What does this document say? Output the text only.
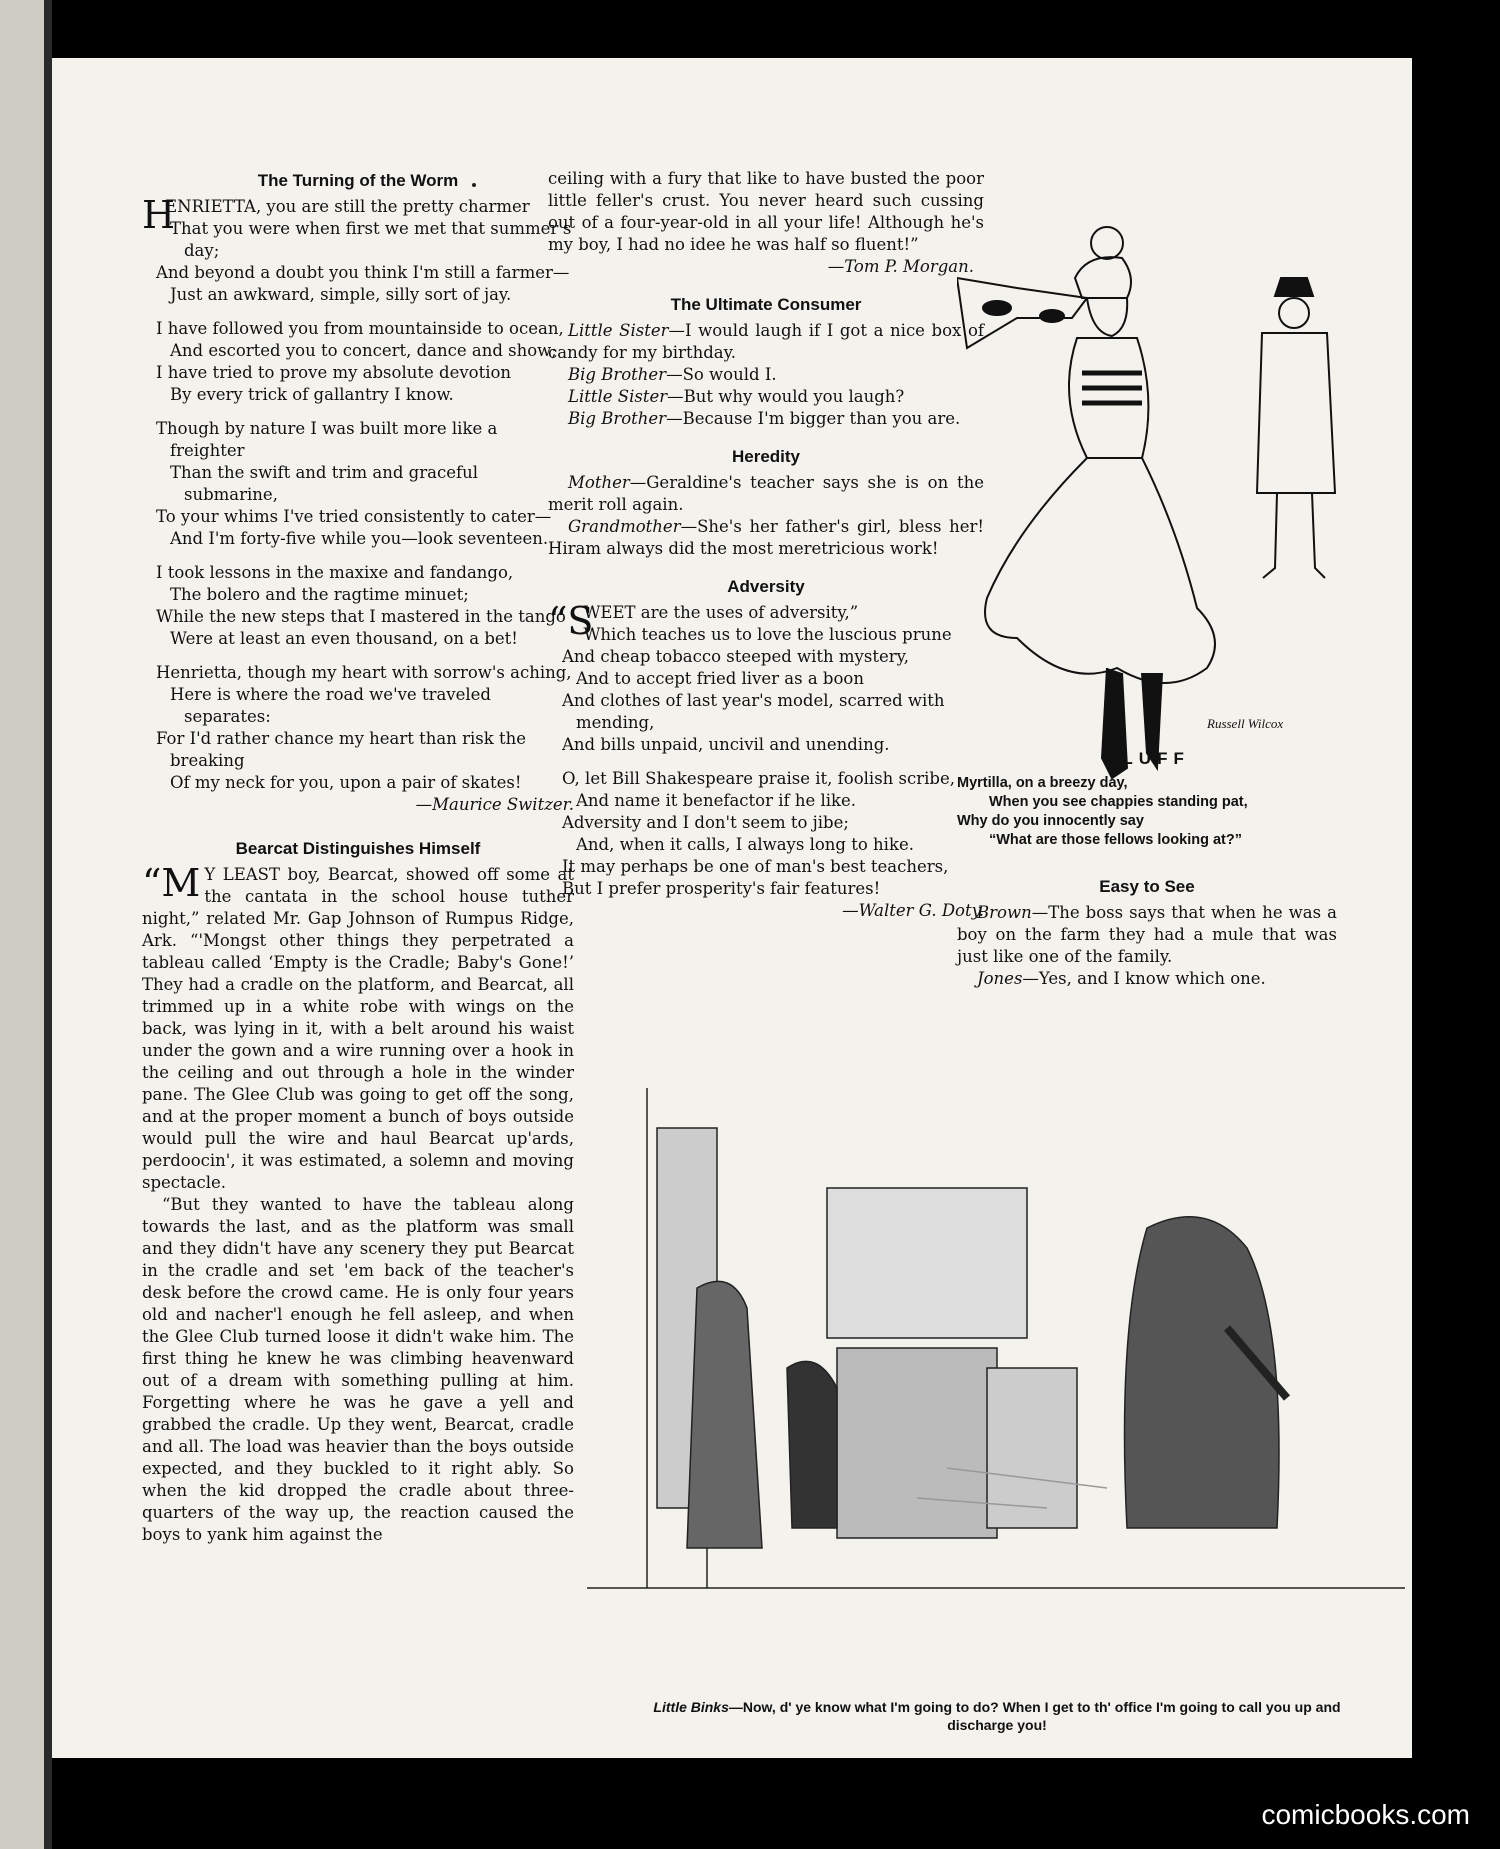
The Turning of the Worm
H

ENRIETTA, you are still the pretty charmer

That you were when first we met that summer's day;

And beyond a doubt you think I'm still a farmer—

Just an awkward, simple, silly sort of jay.

I have followed you from mountainside to ocean,

And escorted you to concert, dance and show;

I have tried to prove my absolute devotion

By every trick of gallantry I know.

Though by nature I was built more like a freighter

Than the swift and trim and graceful submarine,

To your whims I've tried consistently to cater—

And I'm forty-five while you—look seventeen.

I took lessons in the maxixe and fandango,

The bolero and the ragtime minuet;

While the new steps that I mastered in the tango

Were at least an even thousand, on a bet!

Henrietta, though my heart with sorrow's aching,

Here is where the road we've traveled separates:

For I'd rather chance my heart than risk the breaking

Of my neck for you, upon a pair of skates!

—Maurice Switzer.

Bearcat Distinguishes Himself

“M Y LEAST boy, Bearcat, showed off some at the cantata in the school house tuther night,” related Mr. Gap Johnson of Rumpus Ridge, Ark. “'Mongst other things they perpetrated a tableau called ‘Empty is the Cradle; Baby's Gone!’ They had a cradle on the platform, and Bearcat, all trimmed up in a white robe with wings on the back, was lying in it, with a belt around his waist under the gown and a wire running over a hook in the ceiling and out through a hole in the winder pane. The Glee Club was going to get off the song, and at the proper moment a bunch of boys outside would pull the wire and haul Bearcat up'ards, perdoocin', it was estimated, a solemn and moving spectacle.

“But they wanted to have the tableau along towards the last, and as the platform was small and they didn't have any scenery they put Bearcat in the cradle and set 'em back of the teacher's desk before the crowd came. He is only four years old and nacher'l enough he fell asleep, and when the Glee Club turned loose it didn't wake him. The first thing he knew he was climbing heavenward out of a dream with something pulling at him. Forgetting where he was he gave a yell and grabbed the cradle. Up they went, Bearcat, cradle and all. The load was heavier than the boys outside expected, and they buckled to it right ably. So when the kid dropped the cradle about three-quarters of the way up, the reaction caused the boys to yank him against the

ceiling with a fury that like to have busted the poor little feller's crust. You never heard such cussing out of a four-year-old in all your life! Although he's my boy, I had no idee he was half so fluent!”

—Tom P. Morgan.

The Ultimate Consumer

Little Sister—I would laugh if I got a nice box of candy for my birthday.

Big Brother—So would I.

Little Sister—But why would you laugh?

Big Brother—Because I'm bigger than you are.

Heredity

Mother—Geraldine's teacher says she is on the merit roll again.

Grandmother—She's her father's girl, bless her! Hiram always did the most meretricious work!

Adversity
“S

WEET are the uses of adversity,”

Which teaches us to love the luscious prune

And cheap tobacco steeped with mystery,

And to accept fried liver as a boon

And clothes of last year's model, scarred with mending,

And bills unpaid, uncivil and unending.

O, let Bill Shakespeare praise it, foolish scribe,

And name it benefactor if he like.

Adversity and I don't seem to jibe;

And, when it calls, I always long to hike.

It may perhaps be one of man's best teachers,

But I prefer prosperity's fair features!

—Walter G. Doty.

Russell Wilcox
BLUFF

Myrtilla, on a breezy day,

When you see chappies standing pat,

Why do you innocently say

“What are those fellows looking at?”

Easy to See

Brown—The boss says that when he was a boy on the farm they had a mule that was just like one of the family.

Jones—Yes, and I know which one.

Little Binks—Now, d' ye know what I'm going to do? When I get to th' office I'm going to call you up and discharge you!
comicbooks.com
